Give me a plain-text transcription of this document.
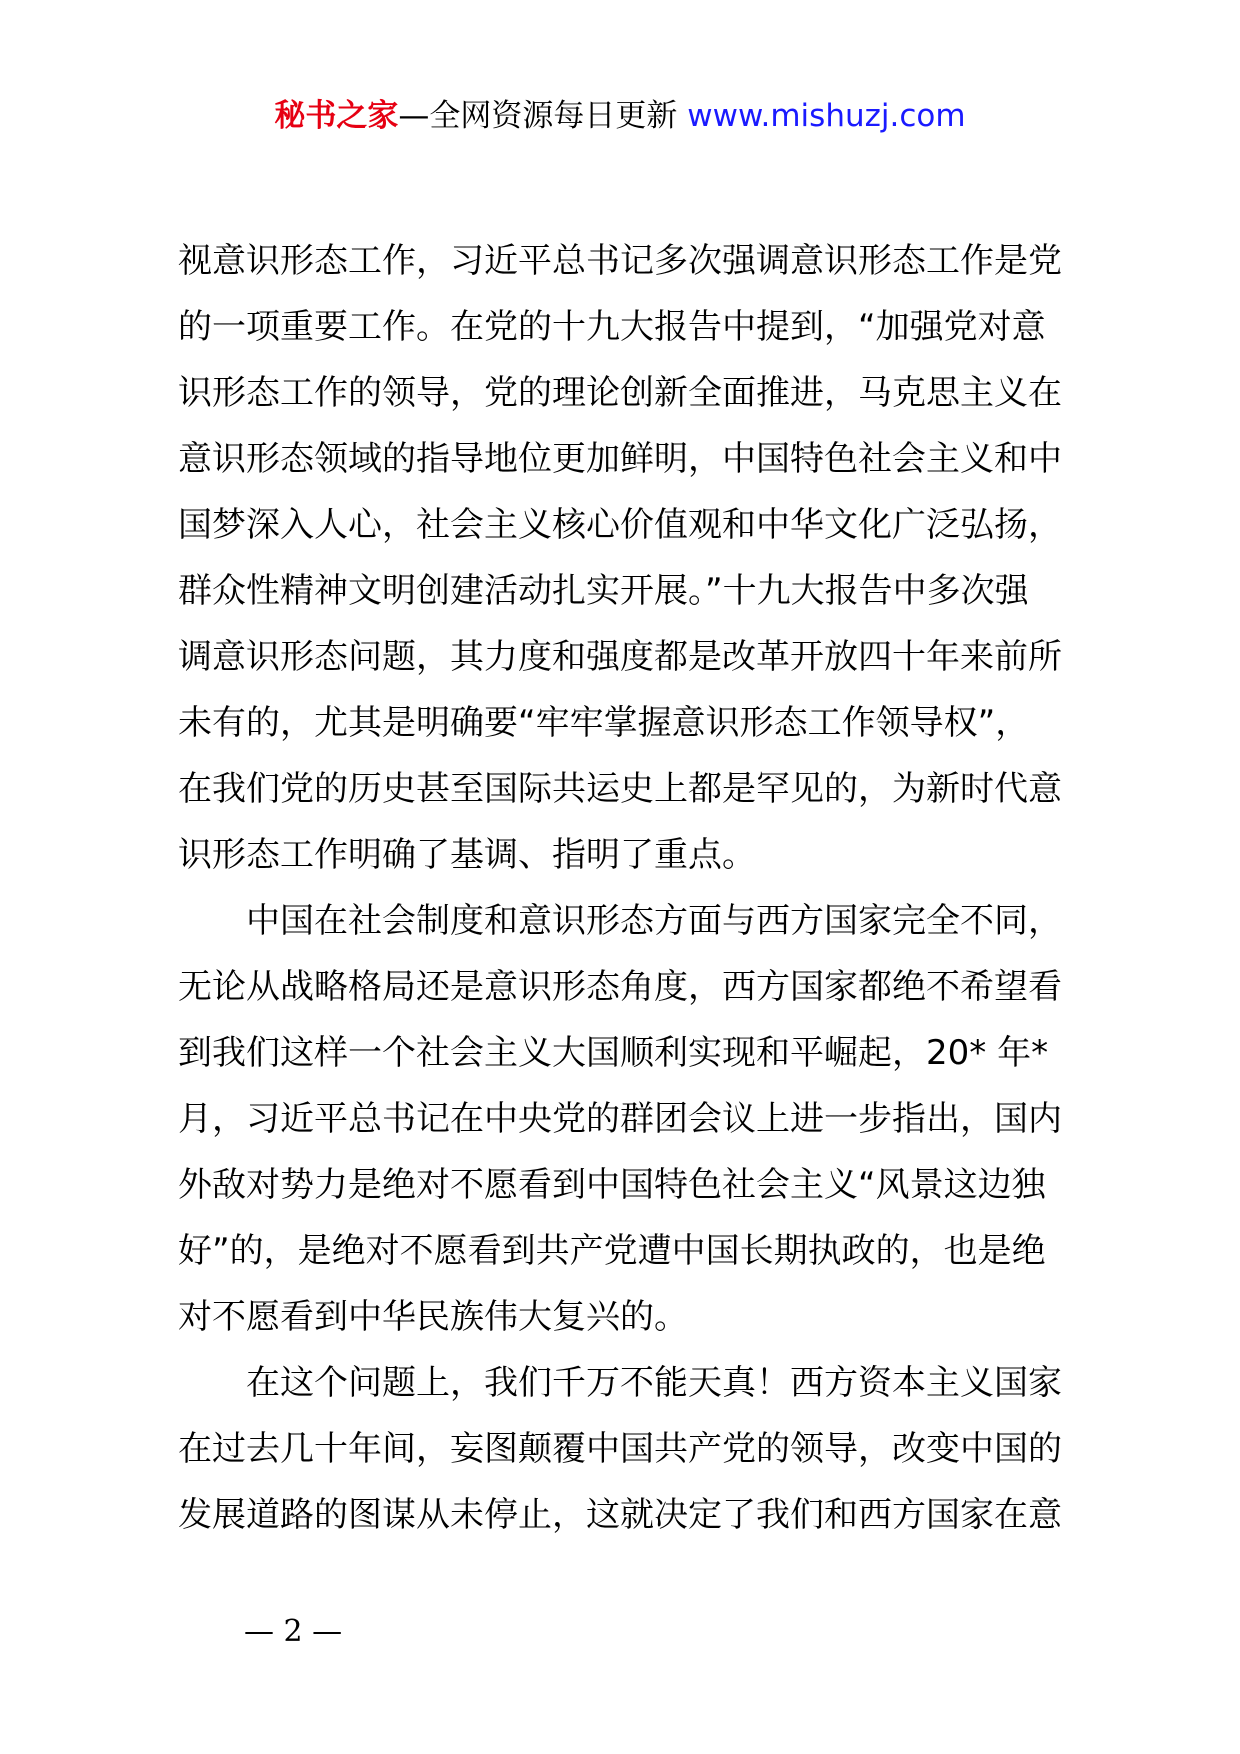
秘书之家—全网资源每日更新 www.mishuzj.com
视意识形态工作，习近平总书记多次强调意识形态工作是党
的一项重要工作。在党的十九大报告中提到，“加强党对意
识形态工作的领导，党的理论创新全面推进，马克思主义在
意识形态领域的指导地位更加鲜明，中国特色社会主义和中
国梦深入人心，社会主义核心价值观和中华文化广泛弘扬，
群众性精神文明创建活动扎实开展。”十九大报告中多次强
调意识形态问题，其力度和强度都是改革开放四十年来前所
未有的，尤其是明确要“牢牢掌握意识形态工作领导权”，
在我们党的历史甚至国际共运史上都是罕见的，为新时代意
识形态工作明确了基调、指明了重点。
中国在社会制度和意识形态方面与西方国家完全不同，
无论从战略格局还是意识形态角度，西方国家都绝不希望看
到我们这样一个社会主义大国顺利实现和平崛起，20* 年*
月，习近平总书记在中央党的群团会议上进一步指出，国内
外敌对势力是绝对不愿看到中国特色社会主义“风景这边独
好”的，是绝对不愿看到共产党遭中国长期执政的，也是绝
对不愿看到中华民族伟大复兴的。
在这个问题上，我们千万不能天真！西方资本主义国家
在过去几十年间，妄图颠覆中国共产党的领导，改变中国的
发展道路的图谋从未停止，这就决定了我们和西方国家在意
— 2 —
